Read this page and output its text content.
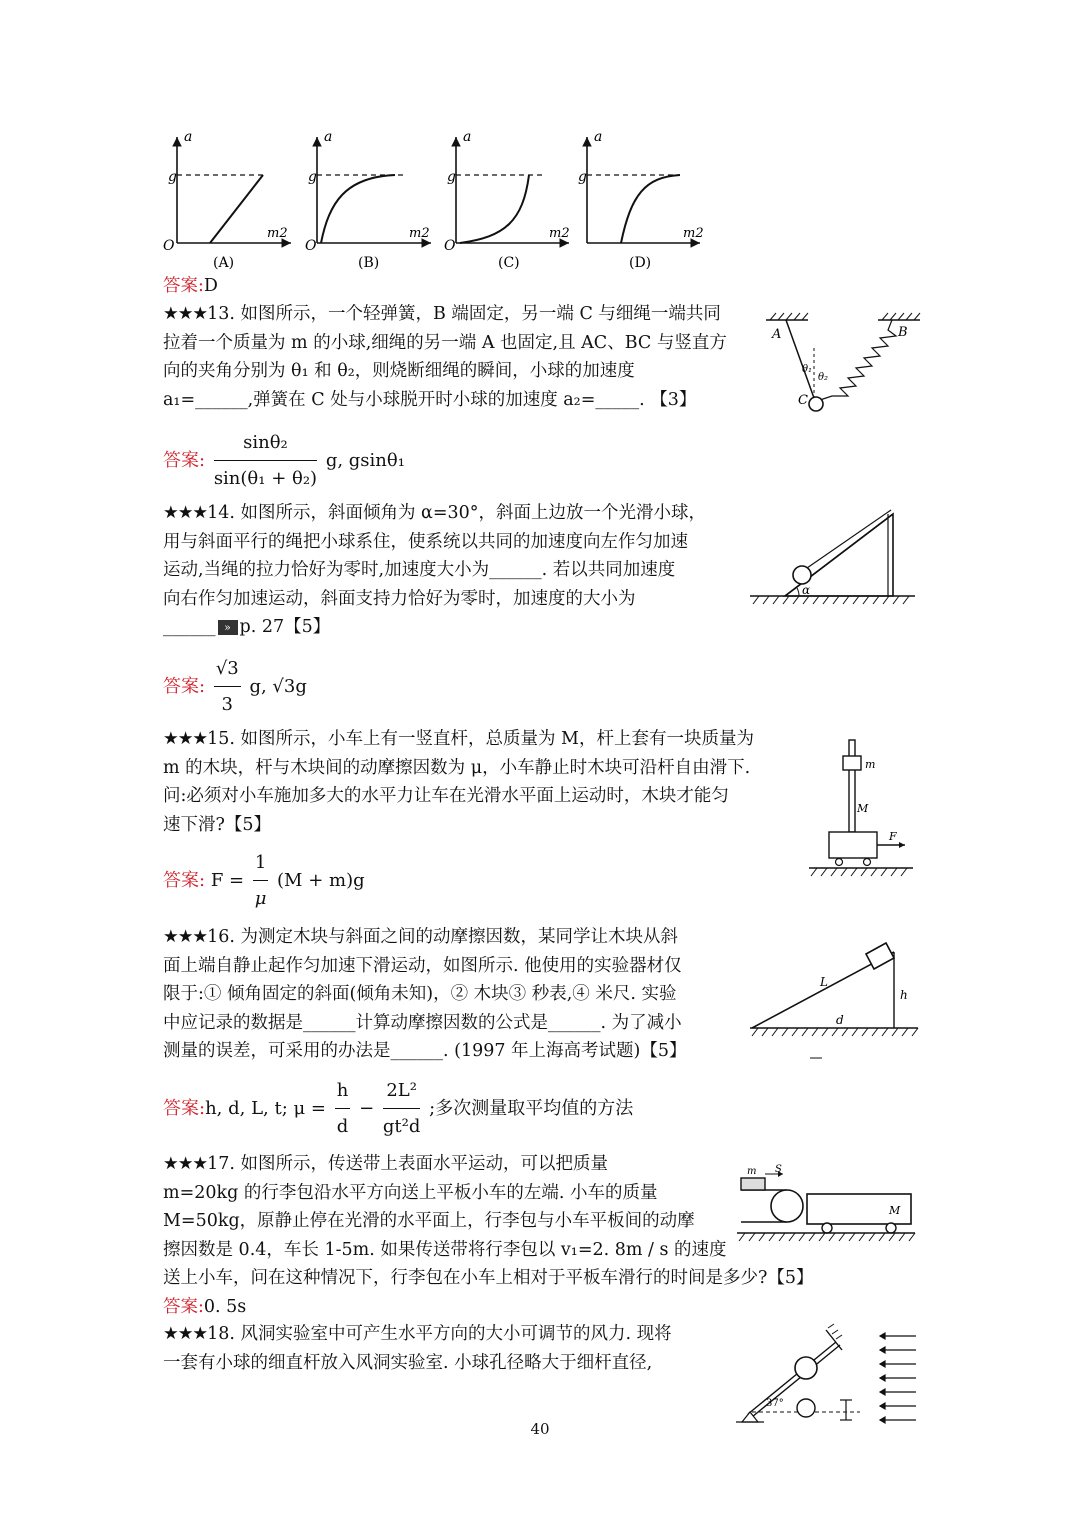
a
g
O
m2
(A)
a
g
O
m2
(B)
a
g
O
m2
(C)
a
g
m2
(D)
答案:D
★★★13. 如图所示，一个轻弹簧，B 端固定，另一端 C 与细绳一端共同
拉着一个质量为 m 的小球,细绳的另一端 A 也固定,且 AC、BC 与竖直方
向的夹角分别为 θ₁ 和 θ₂，则烧断细绳的瞬间，小球的加速度
a₁=______,弹簧在 C 处与小球脱开时小球的加速度 a₂=_____. 【3】
A	B
C
θ₁
θ₂
答案: $\frac{\text{sinθ₂}}{\text{sin(θ₁ + θ₂)}} g$, gsinθ₁
★★★14. 如图所示，斜面倾角为 α=30°，斜面上边放一个光滑小球，
用与斜面平行的绳把小球系住，使系统以共同的加速度向左作匀加速
运动,当绳的拉力恰好为零时,加速度大小为______. 若以共同加速度
向右作匀加速运动，斜面支持力恰好为零时，加速度的大小为
______ » p. 27【5】
α
答案: $\frac{√3}{3} g$, √3g
★★★15. 如图所示，小车上有一竖直杆，总质量为 M，杆上套有一块质量为
m 的木块，杆与木块间的动摩擦因数为 μ，小车静止时木块可沿杆自由滑下.
问:必须对小车施加多大的水平力让车在光滑水平面上运动时，木块才能匀
速下滑?【5】
m
M
F
答案: $F = \frac{1}{\mu} (M + m)g$
★★★16. 为测定木块与斜面之间的动摩擦因数，某同学让木块从斜
面上端自静止起作匀加速下滑运动，如图所示. 他使用的实验器材仅
限于:① 倾角固定的斜面(倾角未知)，② 木块③ 秒表,④ 米尺. 实验
中应记录的数据是______计算动摩擦因数的公式是______. 为了减小
测量的误差，可采用的办法是______. (1997 年上海高考试题)【5】
L
h
d
答案:h, d, L, t; $\mu = \frac{h}{d} - \frac{\text{2L²}}{\text{gt²d}}$ ;多次测量取平均值的方法
★★★17. 如图所示，传送带上表面水平运动，可以把质量
m=20kg 的行李包沿水平方向送上平板小车的左端. 小车的质量
M=50kg，原静止停在光滑的水平面上，行李包与小车平板间的动摩
擦因数是 0.4，车长 1-5m. 如果传送带将行李包以 v₁=2. 8m / s 的速度
送上小车，问在这种情况下，行李包在小车上相对于平板车滑行的时间是多少?【5】
答案:0. 5s
m S
M
★★★18. 风洞实验室中可产生水平方向的大小可调节的风力. 现将
一套有小球的细直杆放入风洞实验室. 小球孔径略大于细杆直径,
37°
40
